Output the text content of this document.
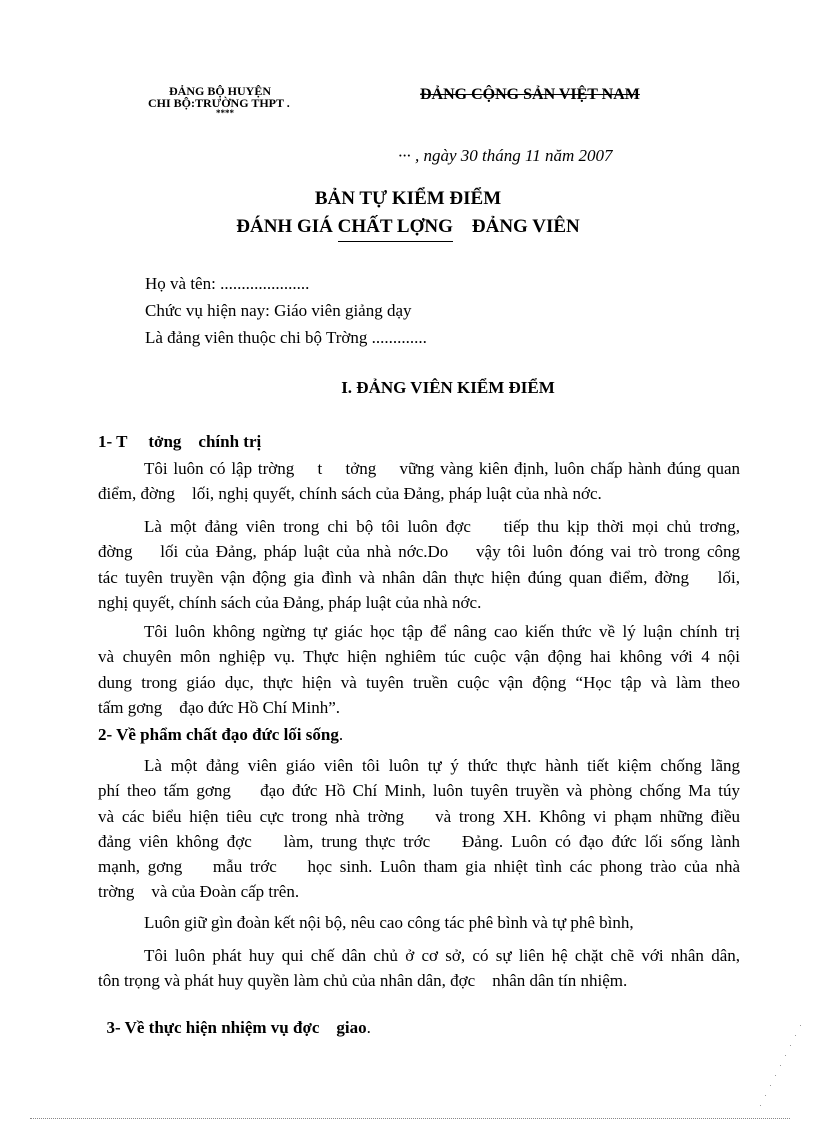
ĐẢNG BỘ HUYỆN
CHI BỘ:TRƯỜNG THPT .
****
ĐẢNG CỘNG SẢN VIỆT NAM
··· , ngày 30 tháng 11 năm 2007
BẢN TỰ KIỂM ĐIỂM
ĐÁNH GIÁ CHẤT LỢNG    ĐẢNG VIÊN
Họ và tên: .....................
Chức vụ hiện nay: Giáo viên giảng dạy
Là đảng viên thuộc chi bộ Trờng .............
I. ĐẢNG VIÊN KIỂM ĐIỂM
1- T     tởng    chính trị
Tôi luôn có lập trờng    t    tởng    vững vàng kiên định, luôn chấp hành đúng quan
điểm, đờng    lối, nghị quyết, chính sách của Đảng, pháp luật của nhà nớc.
Là một đảng viên trong chi bộ tôi luôn đợc    tiếp thu kịp thời mọi chủ trơng,
đờng    lối của Đảng, pháp luật của nhà nớc.Do    vậy tôi luôn đóng vai trò trong công
tác tuyên truyền vận động gia đình và nhân dân thực hiện đúng quan điểm, đờng    lối,
nghị quyết, chính sách của Đảng, pháp luật của nhà nớc.
Tôi luôn không ngừng tự giác học tập để nâng cao kiến thức về lý luận chính trị
và chuyên môn nghiệp vụ. Thực hiện nghiêm túc cuộc vận động hai không với 4 nội
dung trong giáo dục, thực hiện và tuyên truền cuộc vận động “Học tập và làm theo
tấm gơng    đạo đức Hồ Chí Minh”.
2- Về phẩm chất đạo đức lối sống.
Là một đảng viên giáo viên tôi luôn tự ý thức thực hành tiết kiệm chống lãng
phí theo tấm gơng    đạo đức Hồ Chí Minh, luôn tuyên truyền và phòng chống Ma túy
và các biểu hiện tiêu cực trong nhà trờng    và trong XH. Không vi phạm những điều
đảng viên không đợc    làm, trung thực trớc    Đảng. Luôn có đạo đức lối sống lành
mạnh, gơng    mẫu trớc    học sinh. Luôn tham gia nhiệt tình các phong trào của nhà
trờng    và của Đoàn cấp trên.
Luôn giữ gìn đoàn kết nội bộ, nêu cao công tác phê bình và tự phê bình,
Tôi luôn phát huy qui chế dân chủ ở cơ sở, có sự liên hệ chặt chẽ với nhân dân,
tôn trọng và phát huy quyền làm chủ của nhân dân, đợc    nhân dân tín nhiệm.

3- Về thực hiện nhiệm vụ đợc    giao.
